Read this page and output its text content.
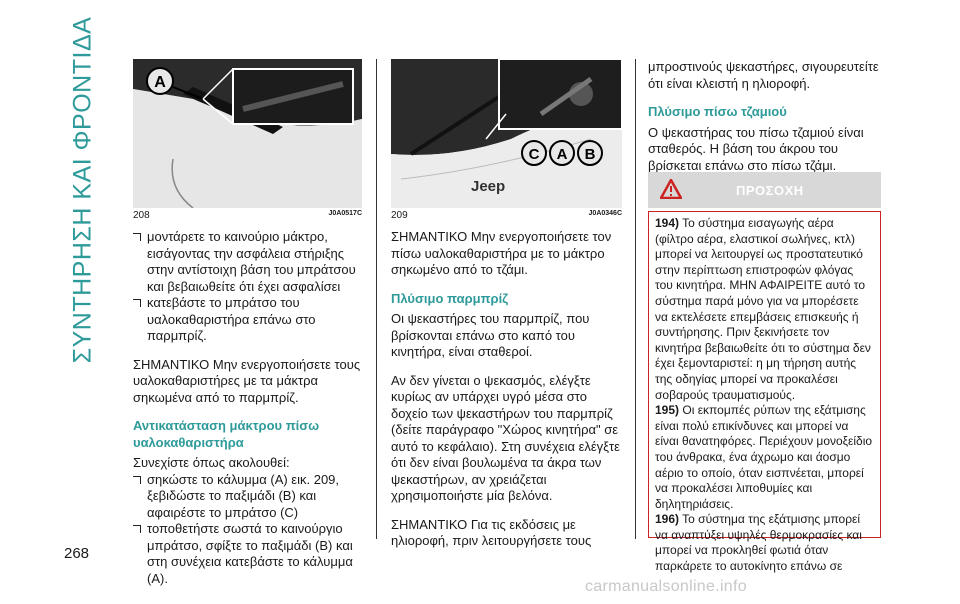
ΣΥΝΤΗΡΗΣΗ ΚΑΙ ΦΡΟΝΤΙΔΑ	A
208	J0A0517C
Jeep
C A B
209	J0A0346C

μοντάρετε το καινούριο μάκτρο, εισάγοντας την ασφάλεια στήριξης στην αντίστοιχη βάση του μπράτσου και βεβαιωθείτε ότι έχει ασφαλίσει

κατεβάστε το μπράτσο του υαλοκαθαριστήρα επάνω στο παρμπρίζ.

ΣΗΜΑΝΤΙΚΟ Μην ενεργοποιήσετε τους υαλοκαθαριστήρες με τα μάκτρα σηκωμένα από το παρμπρίζ.

Αντικατάσταση μάκτρου πίσω υαλοκαθαριστήρα

Συνεχίστε όπως ακολουθεί:

σηκώστε το κάλυμμα (A) εικ. 209, ξεβιδώστε το παξιμάδι (B) και αφαιρέστε το μπράτσο (C)

τοποθετήστε σωστά το καινούργιο μπράτσο, σφίξτε το παξιμάδι (B) και στη συνέχεια κατεβάστε το κάλυμμα (A).

ΣΗΜΑΝΤΙΚΟ Μην ενεργοποιήσετε τον πίσω υαλοκαθαριστήρα με το μάκτρο σηκωμένο από το τζάμι.

Πλύσιμο παρμπρίζ

Οι ψεκαστήρες του παρμπρίζ, που βρίσκονται επάνω στο καπό του κινητήρα, είναι σταθεροί.

Αν δεν γίνεται ο ψεκασμός, ελέγξτε κυρίως αν υπάρχει υγρό μέσα στο δοχείο των ψεκαστήρων του παρμπρίζ (δείτε παράγραφο "Χώρος κινητήρα" σε αυτό το κεφάλαιο). Στη συνέχεια ελέγξτε ότι δεν είναι βουλωμένα τα άκρα των ψεκαστήρων, αν χρειάζεται χρησιμοποιήστε μία βελόνα.

ΣΗΜΑΝΤΙΚΟ Για τις εκδόσεις με ηλιοροφή, πριν λειτουργήσετε τους

μπροστινούς ψεκαστήρες, σιγουρευτείτε ότι είναι κλειστή η ηλιοροφή.

Πλύσιμο πίσω τζαμιού

Ο ψεκαστήρας του πίσω τζαμιού είναι σταθερός. Η βάση του άκρου του βρίσκεται επάνω στο πίσω τζάμι.

ΠΡΟΣΟΧΗ

194) Το σύστημα εισαγωγής αέρα (φίλτρο αέρα, ελαστικοί σωλήνες, κτλ) μπορεί να λειτουργεί ως προστατευτικό στην περίπτωση επιστροφών φλόγας του κινητήρα. ΜΗΝ ΑΦΑΙΡΕΙΤΕ αυτό το σύστημα παρά μόνο για να μπορέσετε να εκτελέσετε επεμβάσεις επισκευής ή συντήρησης. Πριν ξεκινήσετε τον κινητήρα βεβαιωθείτε ότι το σύστημα δεν έχει ξεμονταριστεί: η μη τήρηση αυτής της οδηγίας μπορεί να προκαλέσει σοβαρούς τραυματισμούς.

195) Οι εκπομπές ρύπων της εξάτμισης είναι πολύ επικίνδυνες και μπορεί να είναι θανατηφόρες. Περιέχουν μονοξείδιο του άνθρακα, ένα άχρωμο και άοσμο αέριο το οποίο, όταν εισπνέεται, μπορεί να προκαλέσει λιποθυμίες και δηλητηριάσεις.

196) Το σύστημα της εξάτμισης μπορεί να αναπτύξει υψηλές θερμοκρασίες και μπορεί να προκληθεί φωτιά όταν παρκάρετε το αυτοκίνητο επάνω σε

268
carmanualsonline.info
